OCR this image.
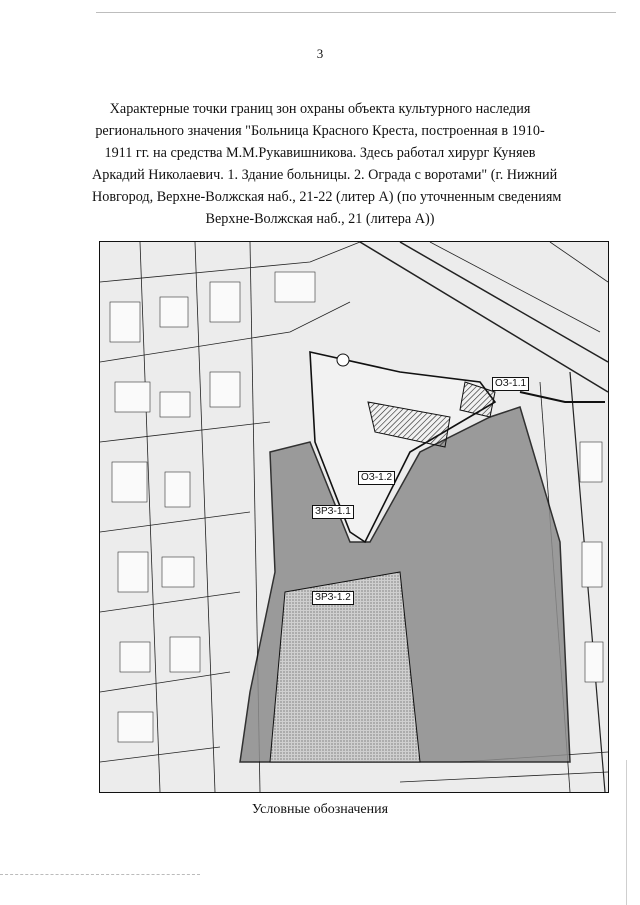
3
Характерные точки границ зон охраны объекта культурного наследия
регионального значения "Больница Красного Креста, построенная в 1910-
1911 гг. на средства М.М.Рукавишникова. Здесь работал хирург Куняев
Аркадий Николаевич. 1. Здание больницы. 2. Ограда с воротами" (г. Нижний
Новгород, Верхне-Волжская наб., 21-22 (литер А) (по уточненным сведениям
Верхне-Волжская наб., 21 (литера А))
ОЗ-1.1
ОЗ-1.2
ЗРЗ-1.1
ЗРЗ-1.2
Условные обозначения
